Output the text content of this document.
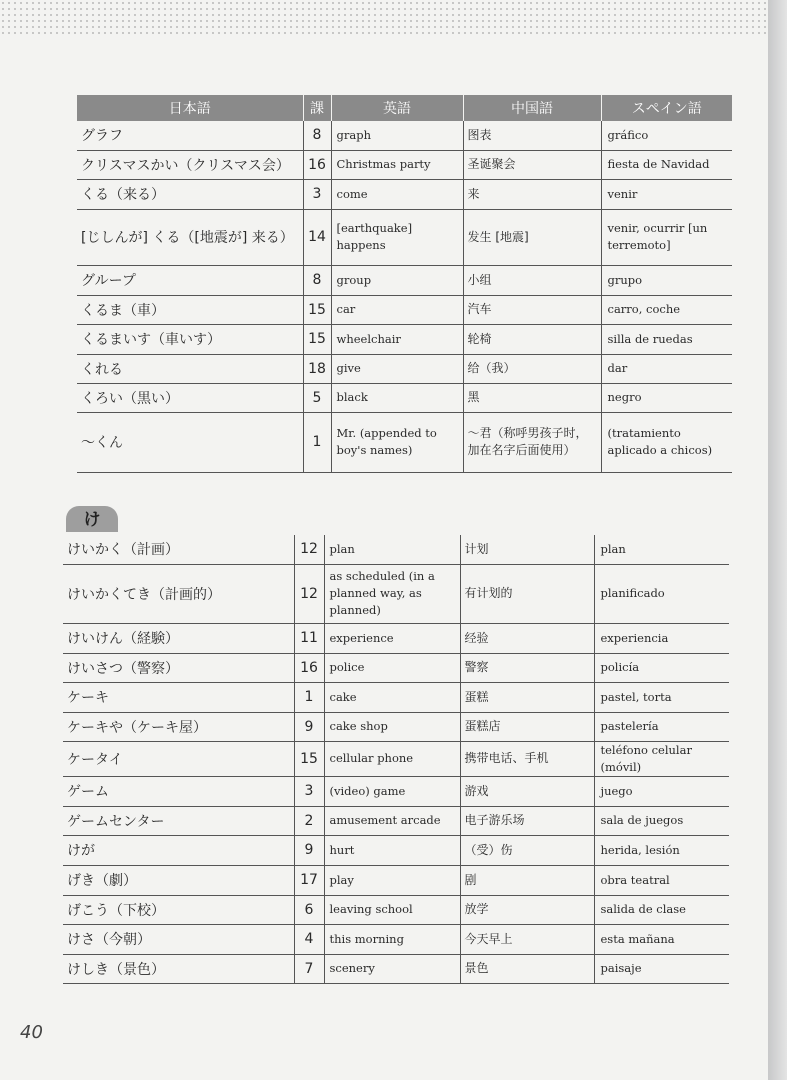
日本語	課	英語	中国語	スペイン語
グラフ	8	graph	图表	gráfico
クリスマスかい（クリスマス会）	16	Christmas party	圣诞聚会	fiesta de Navidad
くる（来る）	3	come	来	venir
[じしんが] くる（[地震が] 来る）	14	[earthquake] happens	发生 [地震]	venir, ocurrir [un terremoto]
グループ	8	group	小组	grupo
くるま（車）	15	car	汽车	carro, coche
くるまいす（車いす）	15	wheelchair	轮椅	silla de ruedas
くれる	18	give	给（我）	dar
くろい（黒い）	5	black	黑	negro
〜くん	1	Mr. (appended to boy's names)	〜君（称呼男孩子时，加在名字后面使用）	(tratamiento aplicado a chicos)
け
けいかく（計画）	12	plan	计划	plan
けいかくてき（計画的）	12	as scheduled (in a planned way, as planned)	有计划的	planificado
けいけん（経験）	11	experience	经验	experiencia
けいさつ（警察）	16	police	警察	policía
ケーキ	1	cake	蛋糕	pastel, torta
ケーキや（ケーキ屋）	9	cake shop	蛋糕店	pastelería
ケータイ	15	cellular phone	携带电话、手机	teléfono celular (móvil)
ゲーム	3	(video) game	游戏	juego
ゲームセンター	2	amusement arcade	电子游乐场	sala de juegos
けが	9	hurt	（受）伤	herida, lesión
げき（劇）	17	play	剧	obra teatral
げこう（下校）	6	leaving school	放学	salida de clase
けさ（今朝）	4	this morning	今天早上	esta mañana
けしき（景色）	7	scenery	景色	paisaje
40
